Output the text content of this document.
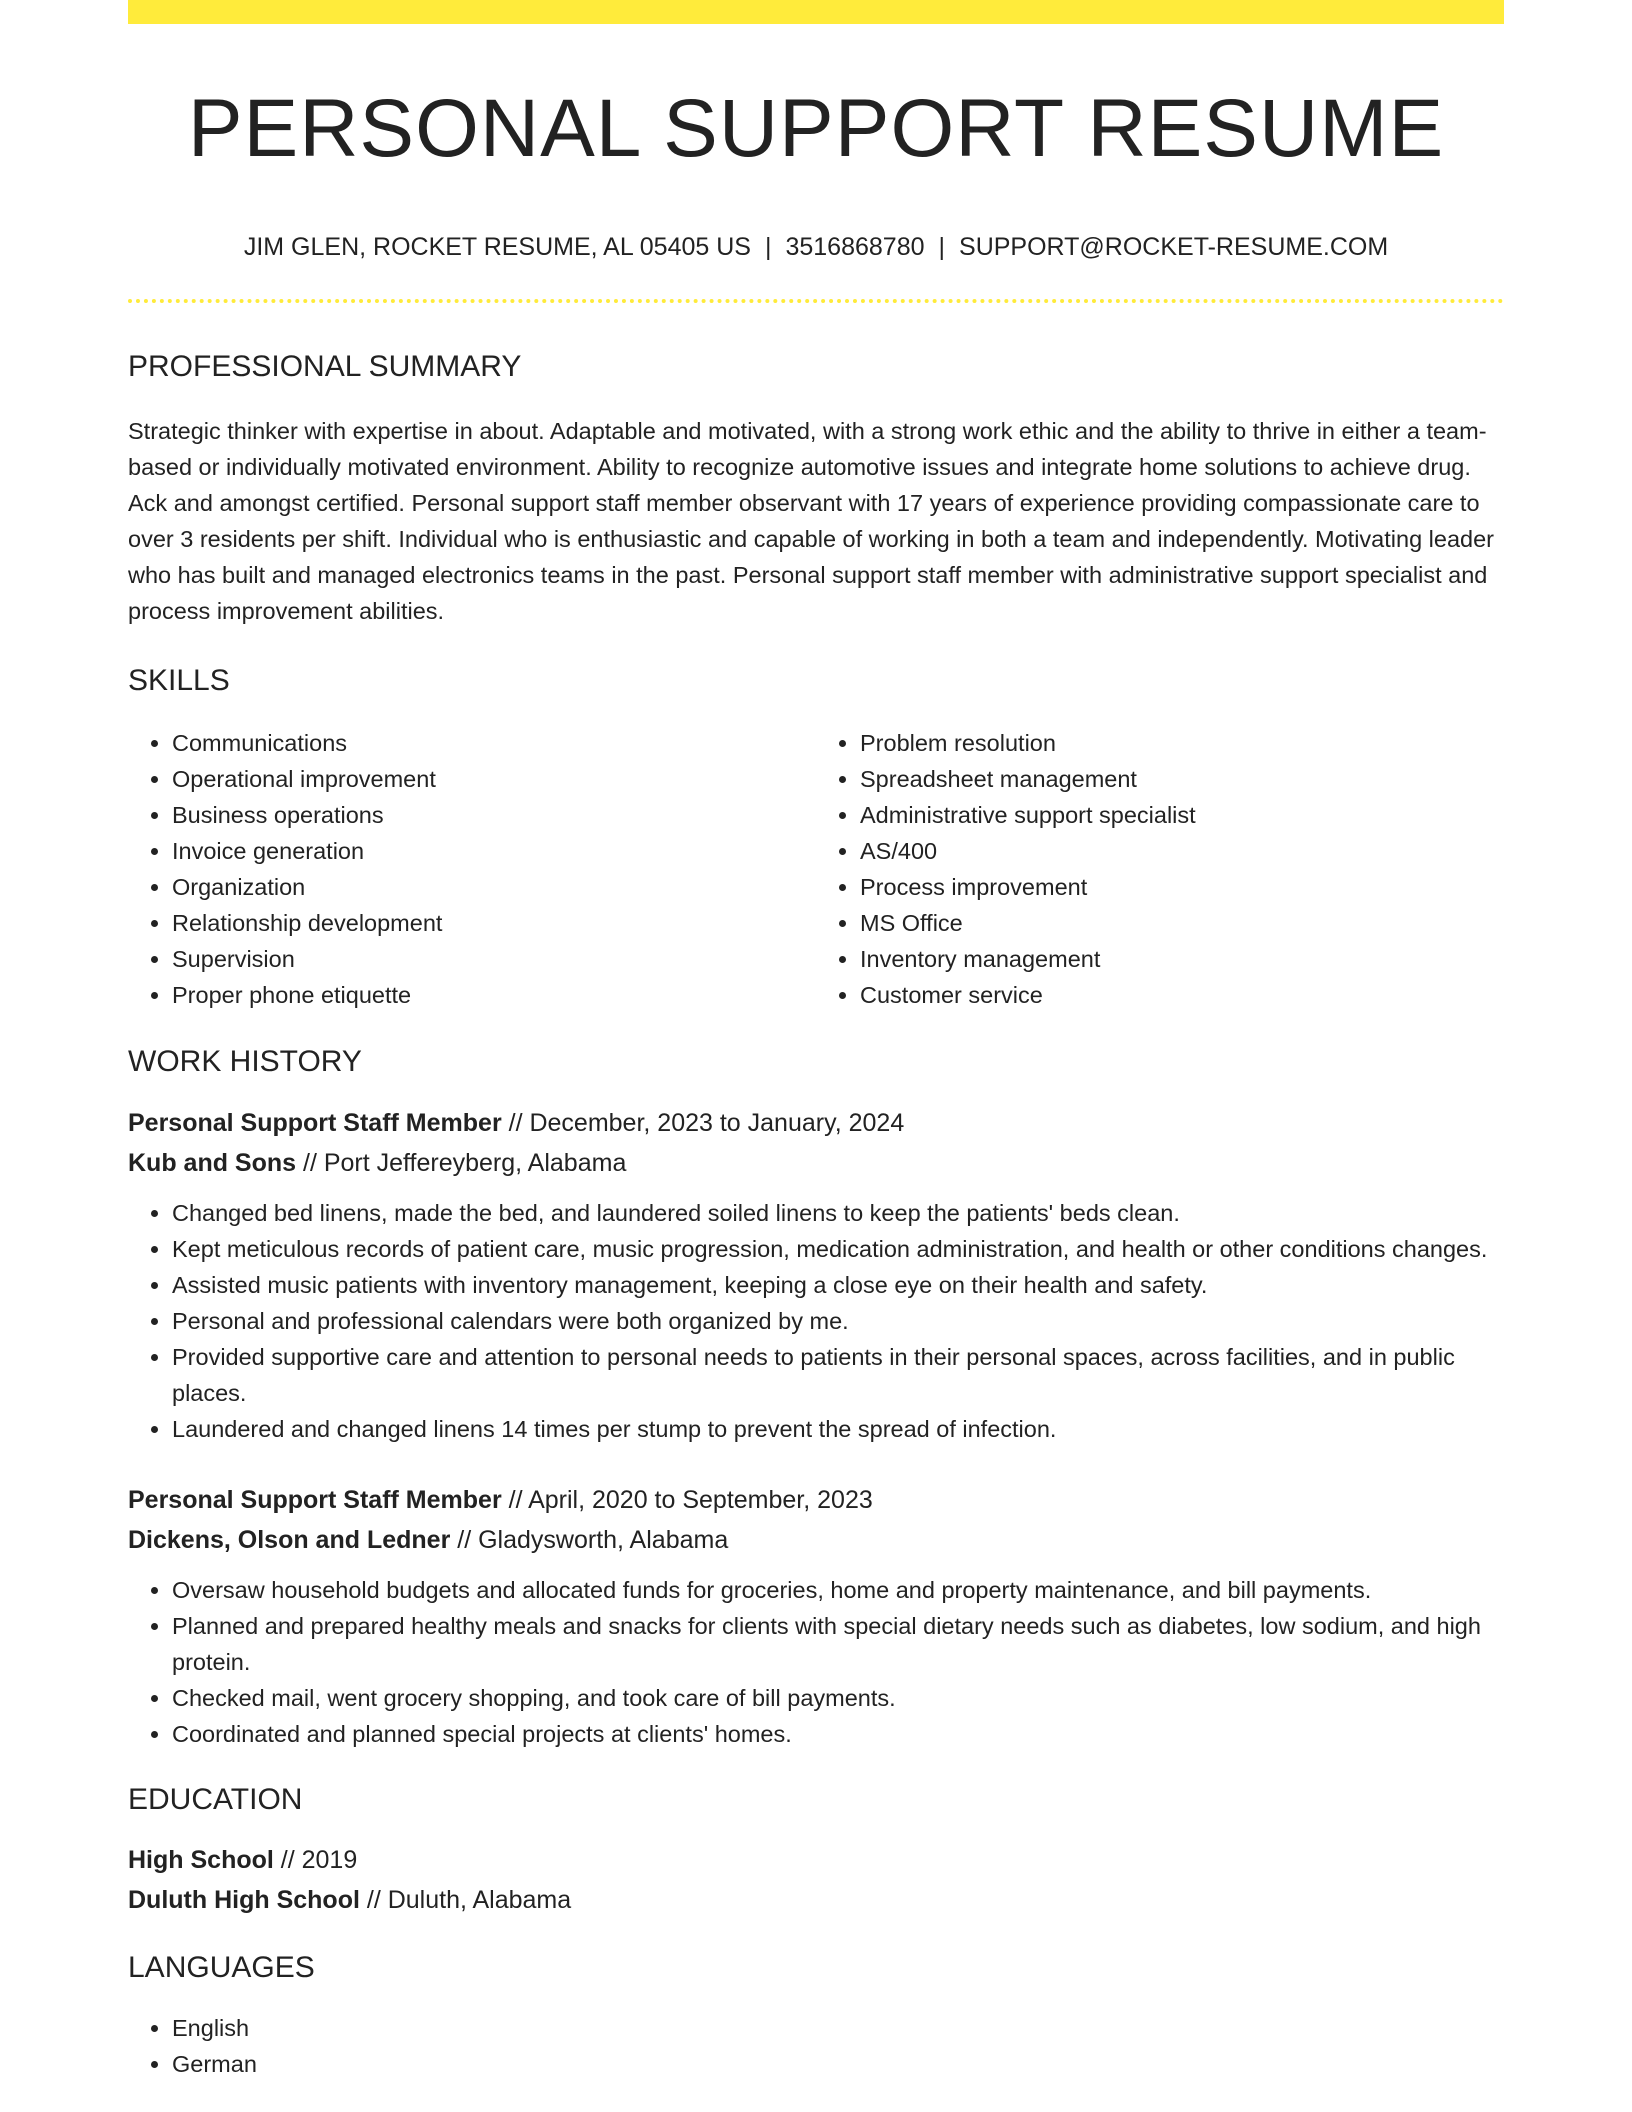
PERSONAL SUPPORT RESUME
JIM GLEN, ROCKET RESUME, AL 05405 US | 3516868780 | SUPPORT@ROCKET-RESUME.COM
PROFESSIONAL SUMMARY
Strategic thinker with expertise in about. Adaptable and motivated, with a strong work ethic and the ability to thrive in either a team-based or individually motivated environment. Ability to recognize automotive issues and integrate home solutions to achieve drug. Ack and amongst certified. Personal support staff member observant with 17 years of experience providing compassionate care to over 3 residents per shift. Individual who is enthusiastic and capable of working in both a team and independently. Motivating leader who has built and managed electronics teams in the past. Personal support staff member with administrative support specialist and process improvement abilities.
SKILLS
• Communications
• Operational improvement
• Business operations
• Invoice generation
• Organization
• Relationship development
• Supervision
• Proper phone etiquette
• Problem resolution
• Spreadsheet management
• Administrative support specialist
• AS/400
• Process improvement
• MS Office
• Inventory management
• Customer service
WORK HISTORY
Personal Support Staff Member // December, 2023 to January, 2024
Kub and Sons // Port Jeffereyberg, Alabama
• Changed bed linens, made the bed, and laundered soiled linens to keep the patients' beds clean.
• Kept meticulous records of patient care, music progression, medication administration, and health or other conditions changes.
• Assisted music patients with inventory management, keeping a close eye on their health and safety.
• Personal and professional calendars were both organized by me.
• Provided supportive care and attention to personal needs to patients in their personal spaces, across facilities, and in public places.
• Laundered and changed linens 14 times per stump to prevent the spread of infection.
Personal Support Staff Member // April, 2020 to September, 2023
Dickens, Olson and Ledner // Gladysworth, Alabama
• Oversaw household budgets and allocated funds for groceries, home and property maintenance, and bill payments.
• Planned and prepared healthy meals and snacks for clients with special dietary needs such as diabetes, low sodium, and high protein.
• Checked mail, went grocery shopping, and took care of bill payments.
• Coordinated and planned special projects at clients' homes.
EDUCATION
High School // 2019
Duluth High School // Duluth, Alabama
LANGUAGES
• English
• German
